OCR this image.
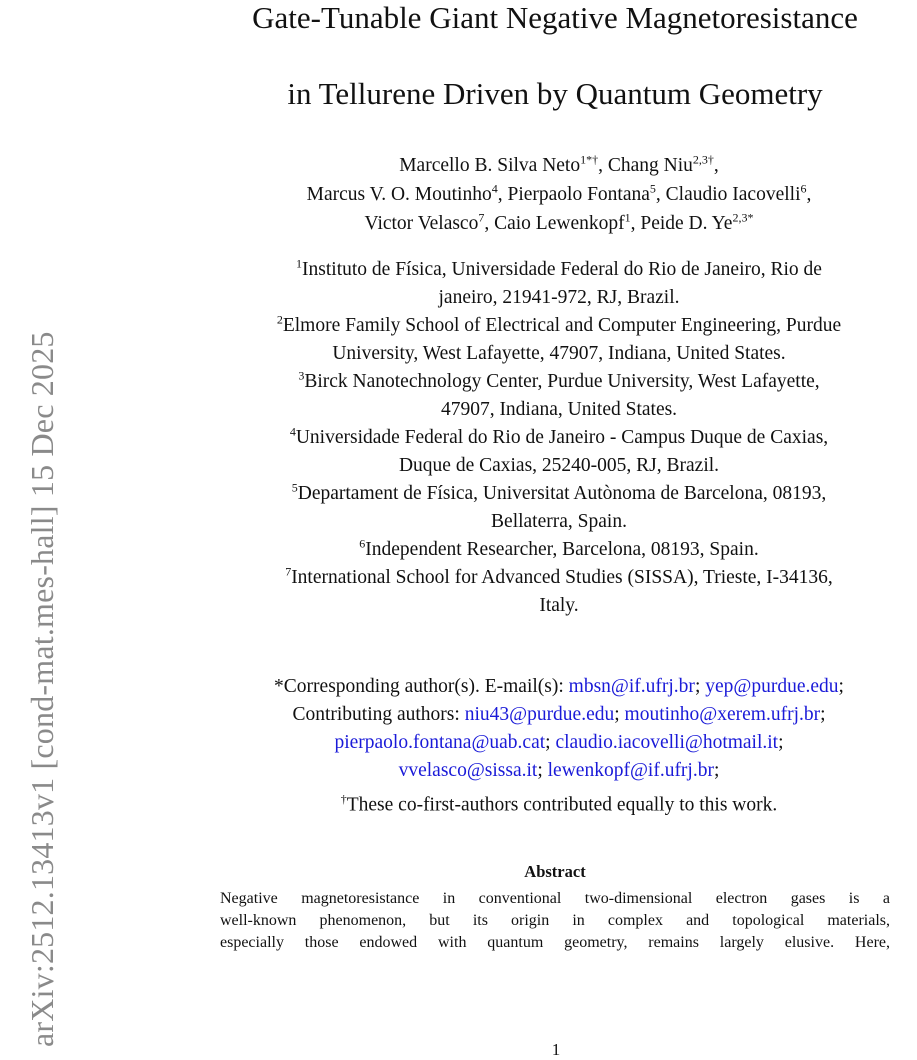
arXiv:2512.13413v1 [cond-mat.mes-hall] 15 Dec 2025
Gate-Tunable Giant Negative Magnetoresistance
in Tellurene Driven by Quantum Geometry
Marcello B. Silva Neto$^{1*\dagger}$, Chang Niu$^{2,3\dagger}$,
Marcus V. O. Moutinho$^4$, Pierpaolo Fontana$^5$, Claudio Iacovelli$^6$,
Victor Velasco$^7$, Caio Lewenkopf$^1$, Peide D. $Ye^{2,3*}$
$^1$Instituto de Física, Universidade Federal do Rio de Janeiro, Rio de
janeiro, 21941-972, RJ, Brazil.
$^2$Elmore Family School of Electrical and Computer Engineering, Purdue
University, West Lafayette, 47907, Indiana, United States.
$^3$Birck Nanotechnology Center, Purdue University, West Lafayette,
47907, Indiana, United States.
$^4$Universidade Federal do Rio de Janeiro - Campus Duque de Caxias,
Duque de Caxias, 25240-005, RJ, Brazil.
$^5$Departament de Física, Universitat Autònoma de Barcelona, 08193,
Bellaterra, Spain.
$^6$Independent Researcher, Barcelona, 08193, Spain.
$^7$International School for Advanced Studies (SISSA), Trieste, I-34136,
Italy.
*Corresponding author(s). E-mail(s): mbsn@if.ufrj.br; yep@purdue.edu;
Contributing authors: niu43@purdue.edu; moutinho@xerem.ufrj.br;
pierpaolo.fontana@uab.cat; claudio.iacovelli@hotmail.it;
vvelasco@sissa.it; lewenkopf@if.ufrj.br;
†These co-first-authors contributed equally to this work.
Abstract
Negative magnetoresistance in conventional two-dimensional electron gases is a
well-known phenomenon, but its origin in complex and topological materials,
especially those endowed with quantum geometry, remains largely elusive. Here,
1
